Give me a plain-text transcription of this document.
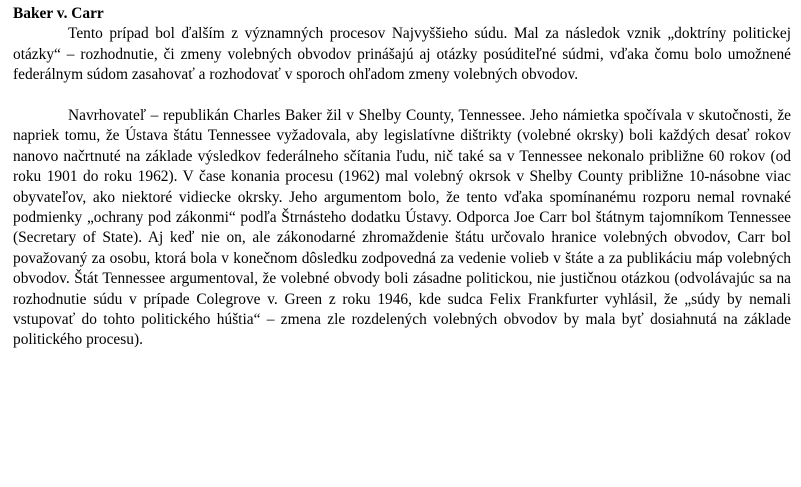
Baker v. Carr

Tento prípad bol ďalším z významných procesov Najvyššieho súdu. Mal za následok vznik „doktríny politickej otázky“ – rozhodnutie, či zmeny volebných obvodov prinášajú aj otázky posúditeľné súdmi, vďaka čomu bolo umožnené federálnym súdom zasahovať a rozhodovať v sporoch ohľadom zmeny volebných obvodov.

Navrhovateľ – republikán Charles Baker žil v Shelby County, Tennessee. Jeho námietka spočívala v skutočnosti, že napriek tomu, že Ústava štátu Tennessee vyžadovala, aby legislatívne dištrikty (volebné okrsky) boli každých desať rokov nanovo načrtnuté na základe výsledkov federálneho sčítania ľudu, nič také sa v Tennessee nekonalo približne 60 rokov (od roku 1901 do roku 1962). V čase konania procesu (1962) mal volebný okrsok v Shelby County približne 10-násobne viac obyvateľov, ako niektoré vidiecke okrsky. Jeho argumentom bolo, že tento vďaka spomínanému rozporu nemal rovnaké podmienky „ochrany pod zákonmi“ podľa Štrnásteho dodatku Ústavy. Odporca Joe Carr bol štátnym tajomníkom Tennessee (Secretary of State). Aj keď nie on, ale zákonodarné zhromaždenie štátu určovalo hranice volebných obvodov, Carr bol považovaný za osobu, ktorá bola v konečnom dôsledku zodpovedná za vedenie volieb v štáte a za publikáciu máp volebných obvodov. Štát Tennessee argumentoval, že volebné obvody boli zásadne politickou, nie justičnou otázkou (odvolávajúc sa na rozhodnutie súdu v prípade Colegrove v. Green z roku 1946, kde sudca Felix Frankfurter vyhlásil, že „súdy by nemali vstupovať do tohto politického húštia“ – zmena zle rozdelených volebných obvodov by mala byť dosiahnutá na základe politického procesu).
